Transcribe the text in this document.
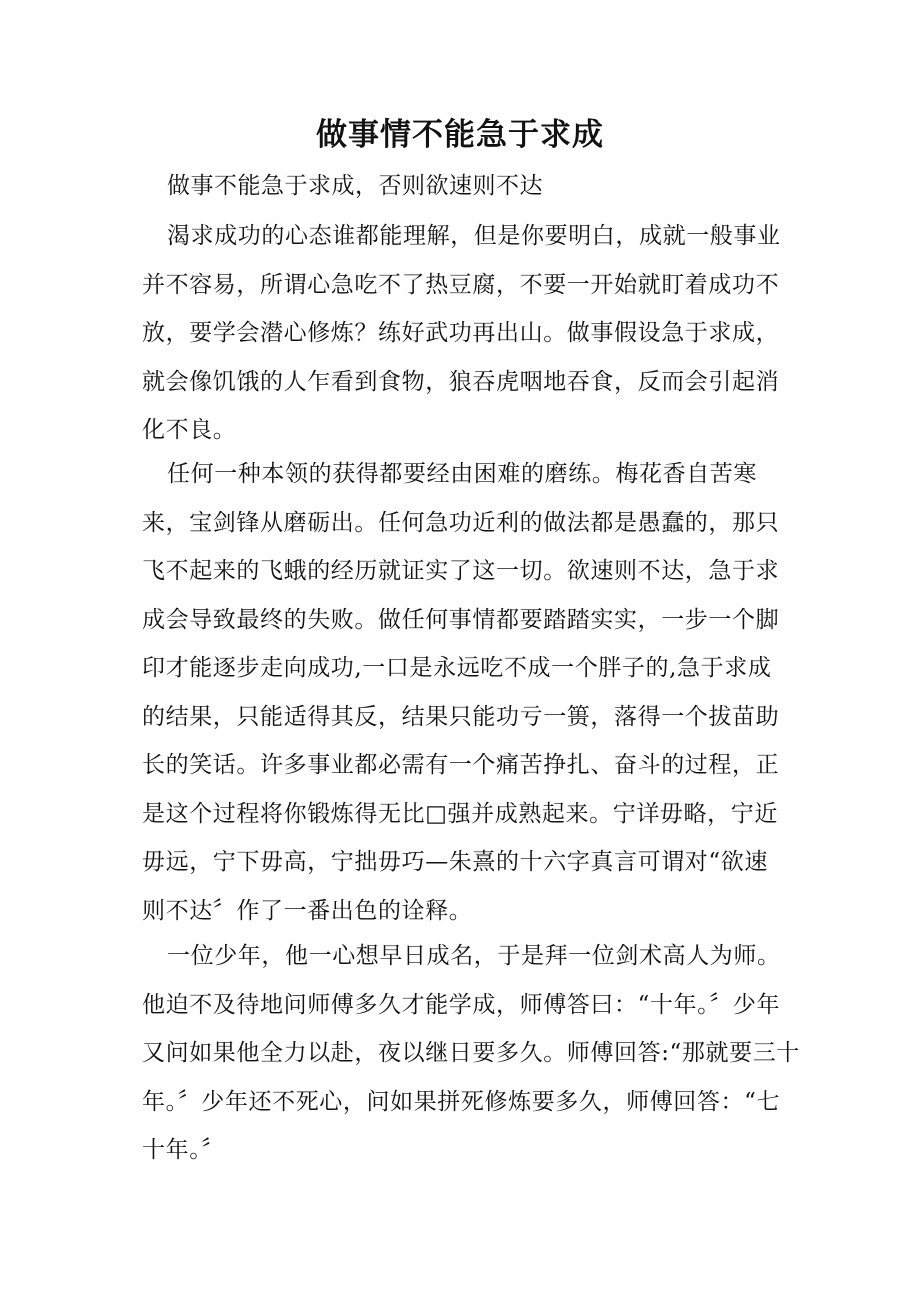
做事情不能急于求成
做事不能急于求成，否则欲速则不达

渴求成功的心态谁都能理解，但是你要明白，成就一般事业并不容易，所谓心急吃不了热豆腐，不要一开始就盯着成功不放，要学会潜心修炼？练好武功再出山。做事假设急于求成，就会像饥饿的人乍看到食物，狼吞虎咽地吞食，反而会引起消化不良。

任何一种本领的获得都要经由困难的磨练。梅花香自苦寒来，宝剑锋从磨砺出。任何急功近利的做法都是愚蠢的，那只飞不起来的飞蛾的经历就证实了这一切。欲速则不达，急于求成会导致最终的失败。做任何事情都要踏踏实实，一步一个脚印才能逐步走向成功,一口是永远吃不成一个胖子的,急于求成的结果，只能适得其反，结果只能功亏一篑，落得一个拔苗助长的笑话。许多事业都必需有一个痛苦挣扎、奋斗的过程，正是这个过程将你锻炼得无比□强并成熟起来。宁详毋略，宁近毋远，宁下毋高，宁拙毋巧—朱熹的十六字真言可谓对“欲速则不达〞作了一番出色的诠释。

一位少年，他一心想早日成名，于是拜一位剑术高人为师。他迫不及待地问师傅多久才能学成，师傅答曰：“十年。〞少年又问如果他全力以赴，夜以继日要多久。师傅回答:“那就要三十年。〞少年还不死心，问如果拼死修炼要多久，师傅回答：“七十年。〞
